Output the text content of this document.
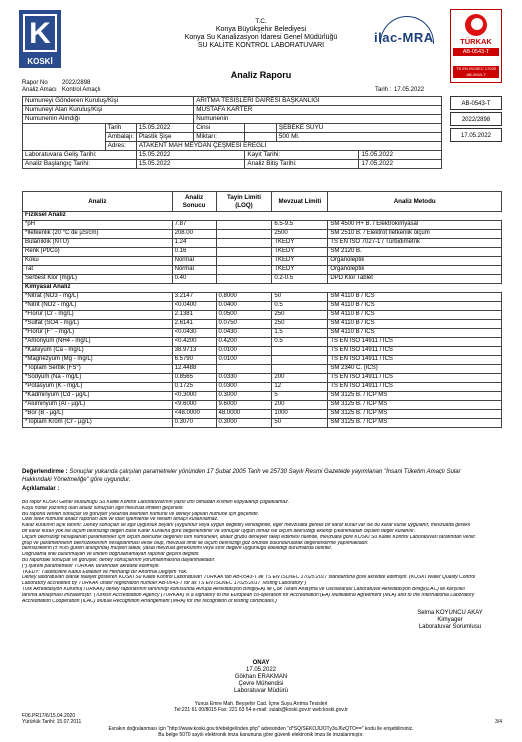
K
KOSKİ
ilac-MRA	TÜRKAK
AB-0543-T
TS EN ISO/IEC 17025
AB-0543-T
T.C.
Konya Büyükşehir Belediyesi
Konya Su Kanalizasyon İdaresi Genel Müdürlüğü
SU KALİTE KONTROL LABORATUVARI
Analiz Raporu
Rapor No 2022/2898
Analiz Amacı Kontrol Amaçlı	Tarih : 17.05.2022
AB-0543-T
2022/2898
17.05.2022
Numuneyi Gönderen Kuruluş/Kişi			ARITMA TESİSLERİ DAİRESİ BAŞKANLIĞI			
Numuneyi Alan Kuruluş/Kişi			MUSTAFA KARTER			
Numunenin Alındığı			Numunenin			
	Tarih	15.05.2022	Cinsi		ŞEBEKE SUYU	
	Ambalajı:	Plastik Şişe	Miktarı:		500 Ml.	
	Adres:	ATAKENT MAH MEYDAN ÇEŞMESİ EREĞLİ				
Laboratuvara Geliş Tarihi:		15.05.2022		Kayıt Tarihi:		15.05.2022
Analiz Başlangıç Tarihi:		15.05.2022		Analiz Bitiş Tarihi:		17.05.2022
Analiz	Analiz Sonucu	Tayin Limiti (LOQ)	Mevzuat Limiti	Analiz Metodu
Fiziksel Analiz				
*pH	7.87		6.5-9.5	SM 4500 H+ B. / Elektrokimyasal
*İletkenlik (20 °C de µS/cm)	208.00		2500	SM 2510 B. / Elektrot İletkenlik ölçüm
Bulanıklık (NTU)	1.24		TKEDY	TS EN ISO 7027-1 / Türbidimetrik
Renk (Pt/Co)	0.16		TKEDY	SM 2120 B.
Koku	Normal		TKEDY	Organoleptik
Tat	Normal		TKEDY	Organoleptik
Serbest Klor (mg/L)	0.40		0.2-0.5	DPD Klor Tablet
Kimyasal Analiz				
*Nitrat (NO3 - mg/L)	3.2147	0.8000	50	SM 4110 B / ICS
*Nitrit (NO2 - mg/L)	<0.0400	0.0400	0.5	SM 4110 B / ICS
*Florür (Cr - mg/L)	2.1381	0.0500	250	SM 4110 B / ICS
*Sülfat (SO4 - mg/L)	2.6141	0.0750	250	SM 4110 B / ICS
*Florür (F⁻ - mg/L)	<0.0430	0.0430	1.5	SM 4110 B / ICS
*Amonyum (NH4 - mg/L)	<0.4200	0.4200	0.5	TS EN ISO 14911 / ICS
*Kalsiyum (Ca - mg/L)	38.9713	0.0100		TS EN ISO 14911 / ICS
*Magnezyum (Mg - mg/L)	6.5790	0.0100		TS EN ISO 14911 / ICS
*Toplam Sertlik (FS°)	12.4488			SM 2340 C. (ICS)
*Sodyum (Na - mg/L)	0.8565	0.0330	200	TS EN ISO 14911 / ICS
*Potasyum (K - mg/L)	0.1725	0.0300	12	TS EN ISO 14911 / ICS
*Kadminyum (Cd - µg/L)	<0.3000	0.3000	5	SM 3125 B. / ICP MS
*Alüminyum (Al - µg/L)	<9.6000	9.6000	200	SM 3125 B. / ICP MS
*Bor (B - µg/L)	<48.0000	48.0000	1000	SM 3125 B. / ICP MS
*Toplam Krom (Cr - µg/L)	0.3070	0.3000	50	SM 3125 B. / ICP MS
Değerlendirme : Sonuçlar yukarıda çalışılan parametreler yönünden 17 Şubat 2005 Tarih ve 25730 Sayılı Resmi Gazetede yayımlanan "İnsani Tüketim Amaçlı Sular
Hakkındaki Yönetmeliğe" göre uygundur.
Açıklamalar :
Bu rapor KOSKİ Genel Müdürlüğü Su Kalite Kontrol Laboratuvarının yazılı izni olmadan kısmen kopyalanıp çoğaltılamaz.
Koşu notlar yazılmış olan analiz sonuçları ilgili mevzuat limitleri geçerlidir.
Bu raporla verilen sonuçlar ve görüşler yukarıda belirtilen numune ve deneyi yapılan numune için geçerlidir.
Özel istek numune analiz raporları adli ve idari işlemlerde ve reklam amaçlı kullanılamaz.
Karar kuralının açık tanımı: Deney sonuçları ile ilgili uygunluk beyanı (uygundur veya uygun değildir) verildiğinde, eğer mevzuatta gerekli bir karar kuralı var ise bu karar kuralı uygulanır, mevzuatta gerekli
bir karar kuralı yok ise ölçüm belirsizliği değeri Basit Karar Kuralına göre değerlendirilir ve sonuçlar uygun olmaz ise ölçüm belirsizliği eklenip çıkarılmadan ölçülen değer kullanılır.
Ölçüm belirsizliği hesaplanan parametreler için ölçüm belirsizlik değerleri tüm numuneler, analiz grubu deneyler talep edilmesi halinde, mevzuata göre KOSKİ Su Kalite Kontrol Laboratuvarı tarafından verilir.
grup ve parametrelerin belirsizliklerinin hesaplanması eksik olup, mevzuat limiti ile ölçüm belirsizliği göz önünde bulundurularak değerlendirme yapılmaktadır.
belirsizliklerin (± %95 güven aralığında) müşteri talebi, yasal mevzuat gereksinimi veya sınır değere uygunluğu etkilediği durumlarda belirtilir.
Doğrulama linki bulunmayan ve linkten doğrulanamayan raporlar geçerli değildir.
Bu rapordaki sonuçlar ve görüşler, deney sonuçlarının yorumlanmasına dayanmaktadır.
(*) işaretli parametreler TÜRKAK tarafından akredite edilmiştir.
TKEDY: Tüketicilere Kabul Edilebilir ve Herhangi Bir Anormal Değişim Yok.
Deney laboratuvarı olarak faaliyet gösteren KOSKİ Su Kalite Kontrol Laboratuvarı TÜRKAK'tan AB-0543-T ile TS EN ISO/IEC 17025:2017 standardına göre akredite edilmiştir. (KOSKİ Water Quality Control
Laboratory accredited by TÜRKAK under registration number AB-0543-T for as TS EN ISO/IEC 17025:2017 Testing Laboratory")
Türk Akreditasyon Kurumu(TÜRKAK) deney raporlarının tanınırlığı konusunda Avrupa Akreditasyon Birliği(EA) ile Çok Taraflı Anlaşma ve Uluslararası Laboratuvar Akreditasyon Birliği(ILAC) ile karşılıklı
tanıma antlaşması imzalamıştır. (Turkish Accreditation Agency (TÜRKAK) is a signatory to the European co-operation for Accreditation (EA) Multilateral Agreement (MLA) and to the International Laboratory
Accreditation Cooperation (ILAC) Mutual Recognition Arrangement (MRA) for the recognition of testing certificates.)
Selma KOYUNCU AKAY
Kimyager
Laboratuvar Sorumlusu
ONAY
17.05.2022
Gökhan ERAKMAN
Çevre Mühendisi
Laboratuvar Müdürü
Yunus Emre Mah. Beyşehir Cad. İçme Suyu Arıtma Tesisleri
Tel:221 61 00/8015 Fax: 221 63 54 e-mail: sulab@koski.gov.tr web:koski.gov.tr
F06.PR17/6/15.04.2020
Yürürlük Tarihi: 15.07.2011	3/4
Evrakın doğrulanması için "http://www.koski.gov.tr/ebelge/index.php" adresinden "d*SQ/SEKOJIJOTy3oJ6zQTO==" kodu ile erişebilirsiniz.
Bu belge 5070 sayılı elektronik imza kanununa göre güvenli elektronik imza ile imzalanmıştır.
